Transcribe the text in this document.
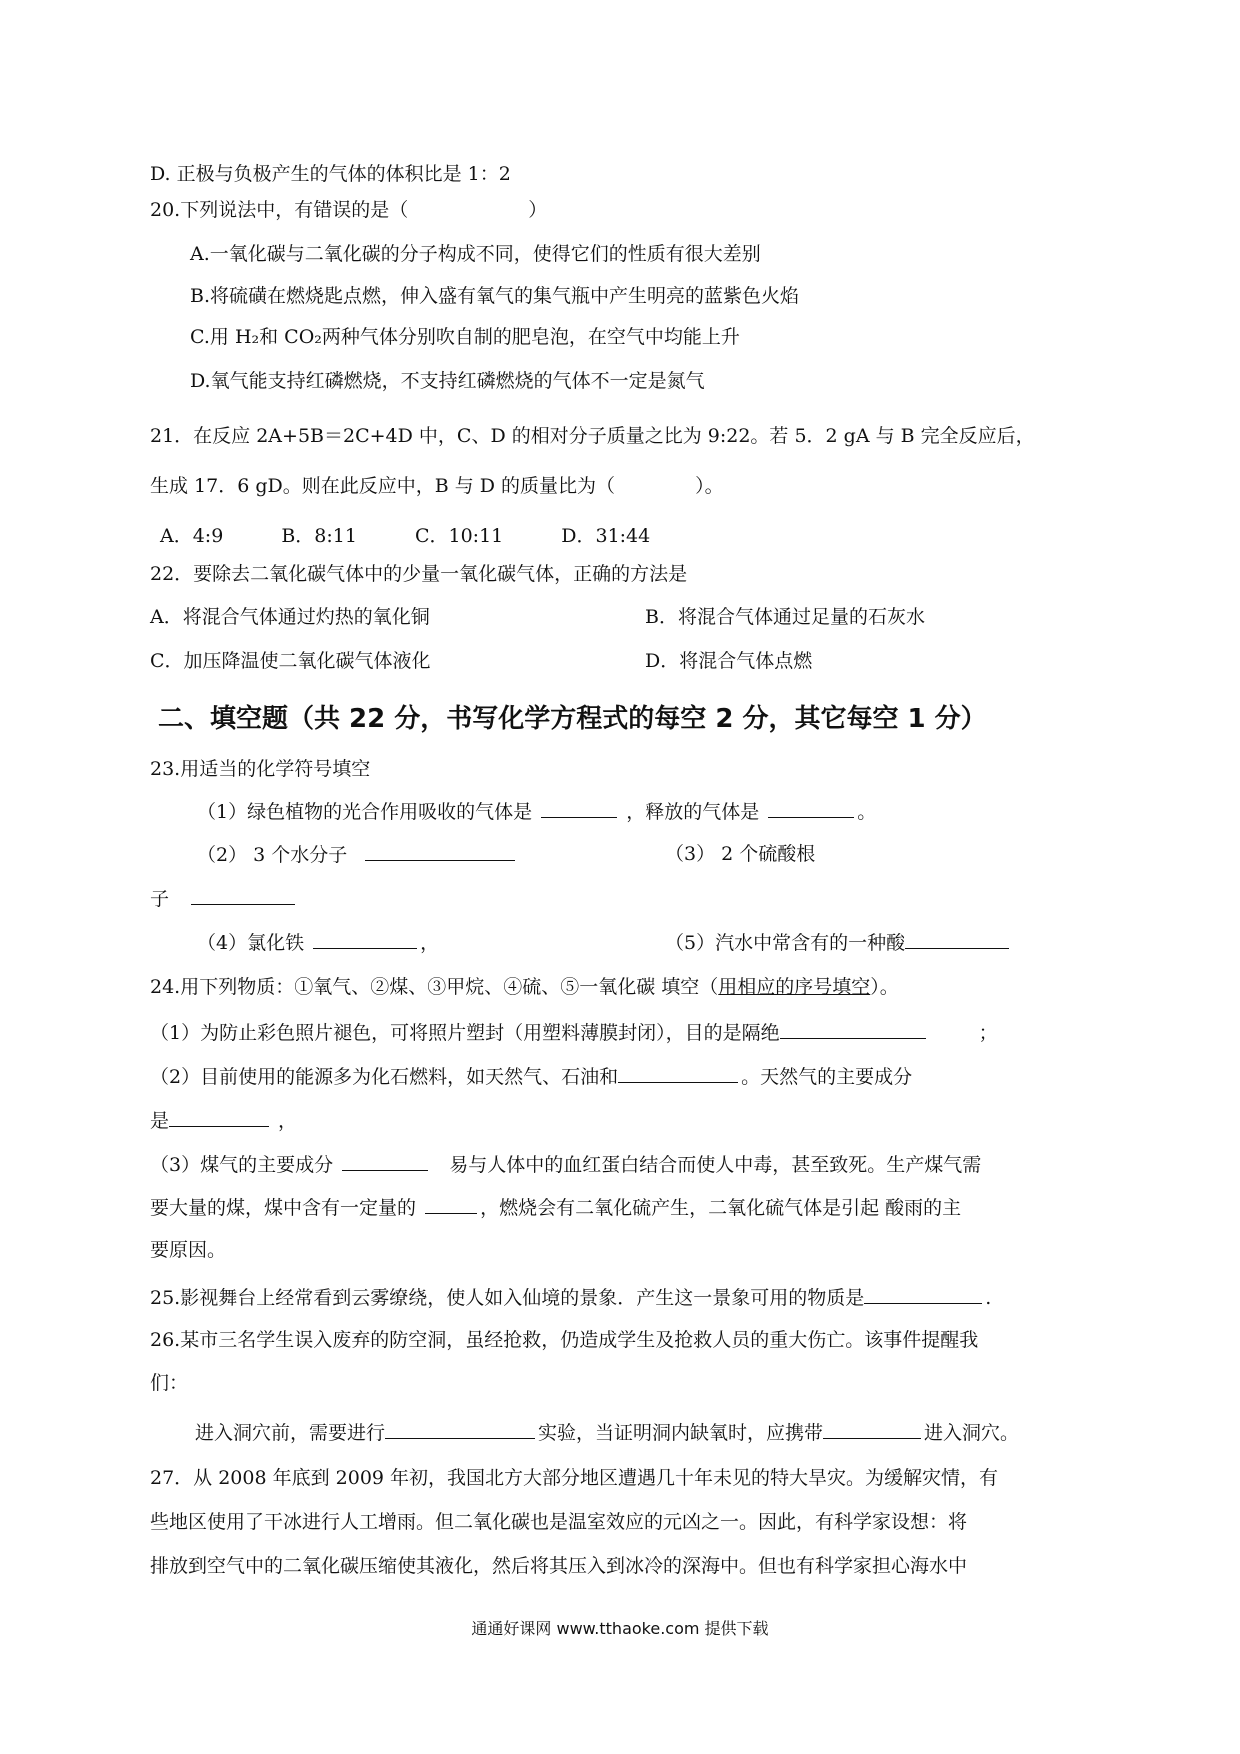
D. 正极与负极产生的气体的体积比是 1：2
20.下列说法中，有错误的是（	）
A.一氧化碳与二氧化碳的分子构成不同，使得它们的性质有很大差别
B.将硫磺在燃烧匙点燃，伸入盛有氧气的集气瓶中产生明亮的蓝紫色火焰
C.用 H₂和 CO₂两种气体分别吹自制的肥皂泡，在空气中均能上升
D.氧气能支持红磷燃烧，不支持红磷燃烧的气体不一定是氮气
21．在反应 2A+5B＝2C+4D 中，C、D 的相对分子质量之比为 9:22。若 5．2 gA 与 B 完全反应后，
生成 17．6 gD。则在此反应中，B 与 D 的质量比为（	）。
A．4:9	B．8:11	C．10:11	D．31:44
22．要除去二氧化碳气体中的少量一氧化碳气体，正确的方法是
A．将混合气体通过灼热的氧化铜	B．将混合气体通过足量的石灰水
C．加压降温使二氧化碳气体液化	D．将混合气体点燃
二、填空题（共 22 分，书写化学方程式的每空 2 分，其它每空 1 分）
23.用适当的化学符号填空
（1）绿色植物的光合作用吸收的气体是	，释放的气体是	。
（2） 3 个水分子	（3） 2 个硫酸根
子
（4）氯化铁	，	（5）汽水中常含有的一种酸
24.用下列物质：①氧气、②煤、③甲烷、④硫、⑤一氧化碳 填空（用相应的序号填空）。
（1）为防止彩色照片褪色，可将照片塑封（用塑料薄膜封闭），目的是隔绝	；
（2）目前使用的能源多为化石燃料，如天然气、石油和	。天然气的主要成分
是	，
（3）煤气的主要成分	易与人体中的血红蛋白结合而使人中毒，甚至致死。生产煤气需
要大量的煤，煤中含有一定量的	，燃烧会有二氧化硫产生，二氧化硫气体是引起 酸雨的主
要原因。
25.影视舞台上经常看到云雾缭绕，使人如入仙境的景象．产生这一景象可用的物质是	.
26.某市三名学生误入废弃的防空洞，虽经抢救，仍造成学生及抢救人员的重大伤亡。该事件提醒我
们：
进入洞穴前，需要进行	实验，当证明洞内缺氧时，应携带	进入洞穴。
27．从 2008 年底到 2009 年初，我国北方大部分地区遭遇几十年未见的特大旱灾。为缓解灾情，有
些地区使用了干冰进行人工增雨。但二氧化碳也是温室效应的元凶之一。因此，有科学家设想：将
排放到空气中的二氧化碳压缩使其液化，然后将其压入到冰冷的深海中。但也有科学家担心海水中
通通好课网 www.tthaoke.com 提供下载
